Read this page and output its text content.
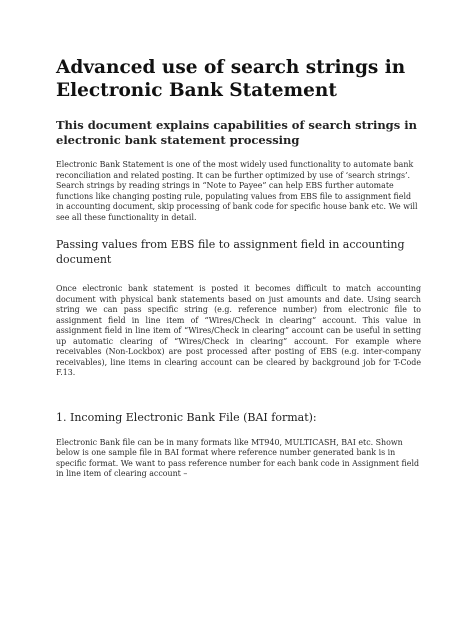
Advanced use of search strings in Electronic Bank Statement
This document explains capabilities of search strings in electronic bank statement processing

Electronic Bank Statement is one of the most widely used functionality to automate bank reconciliation and related posting. It can be further optimized by use of ‘search strings’. Search strings by reading strings in “Note to Payee” can help EBS further automate functions like changing posting rule, populating values from EBS file to assignment field in accounting document, skip processing of bank code for specific house bank etc. We will see all these functionality in detail.

Passing values from EBS file to assignment field in accounting document

Once electronic bank statement is posted it becomes difficult to match accounting document with physical bank statements based on just amounts and date. Using search string we can pass specific string (e.g. reference number) from electronic file to assignment field in line item of “Wires/Check in clearing” account. This value in assignment field in line item of “Wires/Check in clearing” account can be useful in setting up automatic clearing of “Wires/Check in clearing” account. For example where receivables (Non-Lockbox) are post processed after posting of EBS (e.g. inter-company receivables), line items in clearing account can be cleared by background job for T-Code F.13.

1. Incoming Electronic Bank File (BAI format):

Electronic Bank file can be in many formats like MT940, MULTICASH, BAI etc. Shown below is one sample file in BAI format where reference number generated bank is in specific format. We want to pass reference number for each bank code in Assignment field in line item of clearing account –
